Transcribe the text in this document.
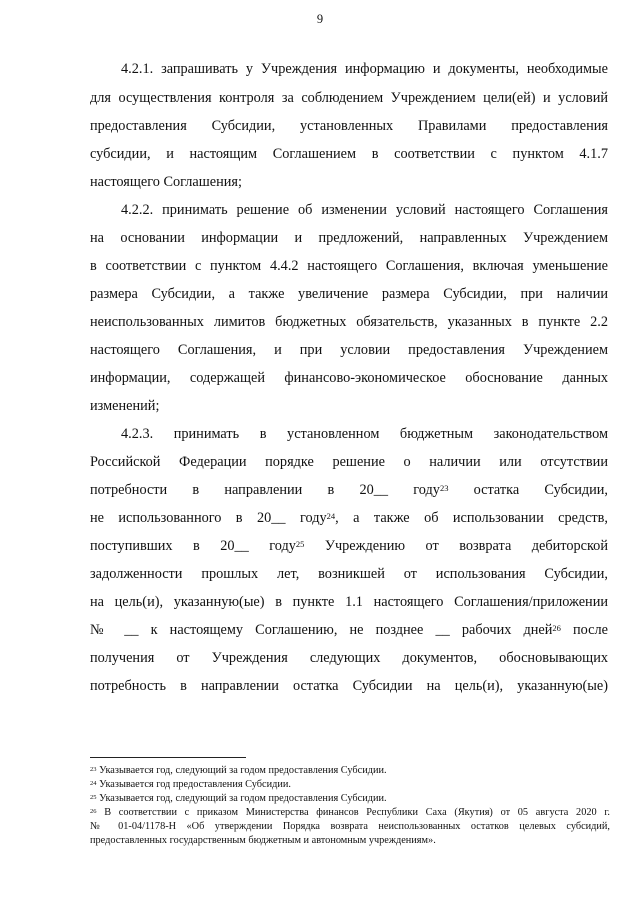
9
4.2.1. запрашивать у Учреждения информацию и документы, необходимые
для осуществления контроля за соблюдением Учреждением цели(ей) и условий
предоставления Субсидии, установленных Правилами предоставления
субсидии, и настоящим Соглашением в соответствии с пунктом 4.1.7
настоящего Соглашения;
4.2.2. принимать решение об изменении условий настоящего Соглашения
на основании информации и предложений, направленных Учреждением
в соответствии с пунктом 4.4.2 настоящего Соглашения, включая уменьшение
размера Субсидии, а также увеличение размера Субсидии, при наличии
неиспользованных лимитов бюджетных обязательств, указанных в пункте 2.2
настоящего Соглашения, и при условии предоставления Учреждением
информации, содержащей финансово-экономическое обоснование данных
изменений;
4.2.3. принимать в установленном бюджетным законодательством
Российской Федерации порядке решение о наличии или отсутствии
потребности в направлении в 20__ году$^{23}$ остатка Субсидии,
не использованного в 20__ году$^{24}$, а также об использовании средств,
поступивших в 20__ году$^{25}$ Учреждению от возврата дебиторской
задолженности прошлых лет, возникшей от использования Субсидии,
на цель(и), указанную(ые) в пункте 1.1 настоящего Соглашения/приложении
№ __ к настоящему Соглашению, не позднее __ рабочих дней$^{26}$ после
получения от Учреждения следующих документов, обосновывающих
потребность в направлении остатка Субсидии на цель(и), указанную(ые)
$^{23}$ Указывается год, следующий за годом предоставления Субсидии.
$^{24}$ Указывается год предоставления Субсидии.
$^{25}$ Указывается год, следующий за годом предоставления Субсидии.
$^{26}$ В соответствии с приказом Министерства финансов Республики Саха (Якутия) от 05 августа 2020 г.
№ 01-04/1178-Н «Об утверждении Порядка возврата неиспользованных остатков целевых субсидий,
предоставленных государственным бюджетным и автономным учреждениям».
